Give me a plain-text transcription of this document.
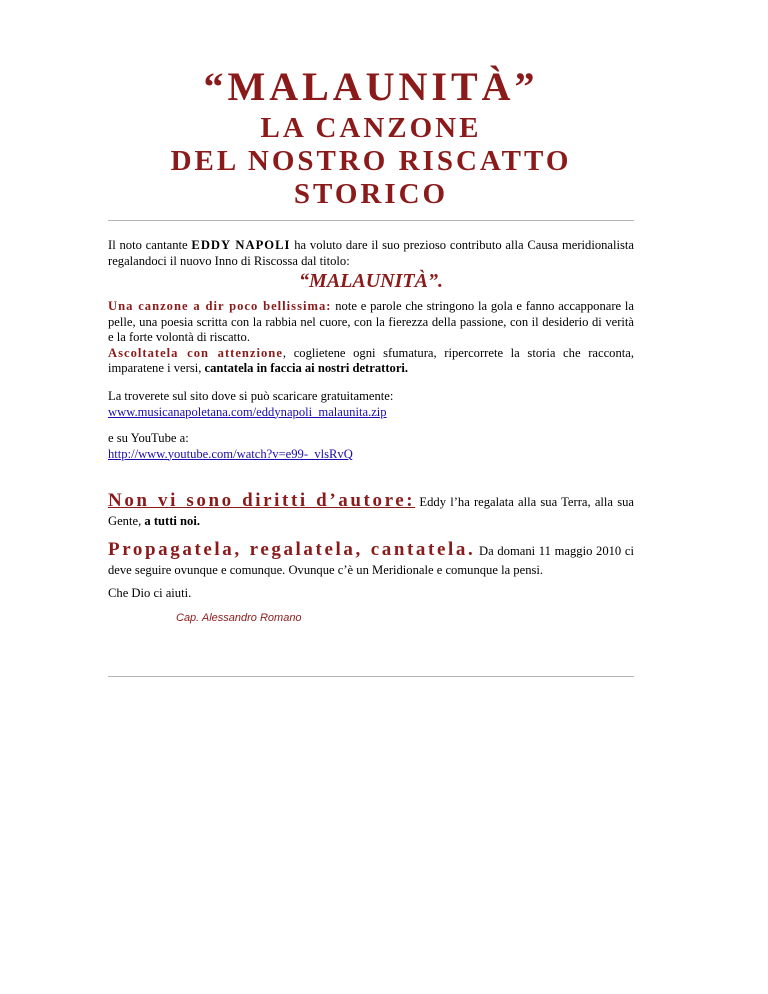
“MALAUNITÀ”
LA CANZONE
DEL NOSTRO RISCATTO
STORICO
Il noto cantante EDDY NAPOLI ha voluto dare il suo prezioso contributo alla Causa meridionalista regalandoci il nuovo Inno di Riscossa dal titolo:
“MALAUNITÀ”.
Una canzone a dir poco bellissima: note e parole che stringono la gola e fanno accapponare la pelle, una poesia scritta con la rabbia nel cuore, con la fierezza della passione, con il desiderio di verità e la forte volontà di riscatto.
Ascoltatela con attenzione, coglietene ogni sfumatura, ripercorrete la storia che racconta, imparatene i versi, cantatela in faccia ai nostri detrattori.
La troverete sul sito dove si può scaricare gratuitamente:
www.musicanapoletana.com/eddynapoli_malaunita.zip
e su YouTube a:
http://www.youtube.com/watch?v=e99-_vlsRvQ
Non vi sono diritti d’autore: Eddy l’ha regalata alla sua Terra, alla sua Gente, a tutti noi.
Propagatela, regalatela, cantatela. Da domani 11 maggio 2010 ci deve seguire ovunque e comunque. Ovunque c’è un Meridionale e comunque la pensi.
Che Dio ci aiuti.
Cap. Alessandro Romano
